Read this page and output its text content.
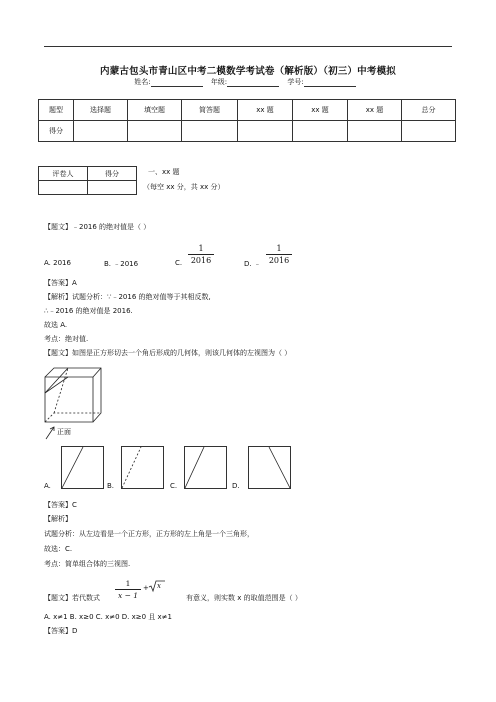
内蒙古包头市青山区中考二模数学考试卷（解析版）（初三）中考模拟
姓名:	年级:	学号:
题型	选择题	填空题	简答题	xx 题	xx 题	xx 题	总分
得分							
评卷人	得分
		一、xx 题
（每空 xx 分，共 xx 分）
【题文】﹣2016 的绝对值是（ ）
A. 2016	B. ﹣2016	C.
1
2016	D. ﹣
1
2016
【答案】A
【解析】试题分析：∵﹣2016 的绝对值等于其相反数,
∴﹣2016 的绝对值是 2016.
故选 A.
考点：绝对值.
【题文】如图是正方形切去一个角后形成的几何体，则该几何体的左视图为（ ）
正面
A.	B.	C.	D.
【答案】C
【解析】
试题分析：从左边看是一个正方形，正方形的左上角是一个三角形，
故选：C.
考点：简单组合体的三视图.
【题文】若代数式
1
x − 1
+ x
有意义，则实数 x 的取值范围是（ ）
A. x≠1 B. x≥0 C. x≠0 D. x≥0 且 x≠1
【答案】D
